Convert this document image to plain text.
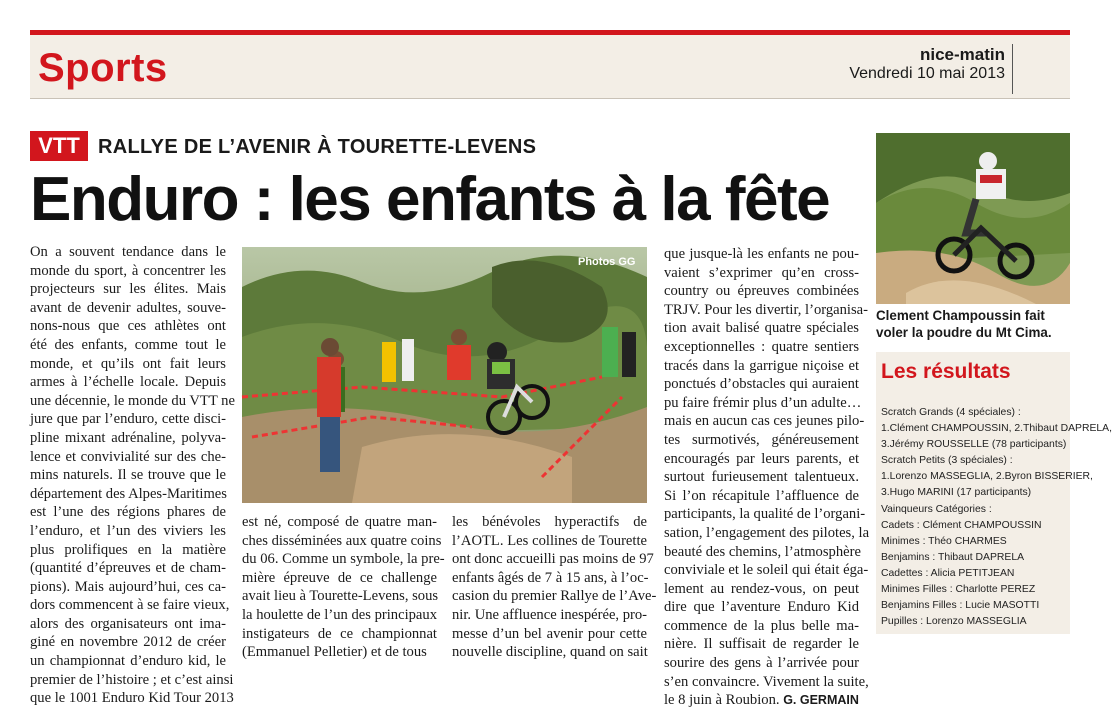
Sports	nice-matin
Vendredi 10 mai 2013
VTT RALLYE DE L’AVENIR À TOURETTE-LEVENS
Enduro : les enfants à la fête
On a souvent tendance dans le
monde du sport, à concentrer les
projecteurs sur les élites. Mais
avant de devenir adultes, souve-
nons-nous que ces athlètes ont
été des enfants, comme tout le
monde, et qu’ils ont fait leurs
armes à l’échelle locale. Depuis
une décennie, le monde du VTT ne
jure que par l’enduro, cette disci-
pline mixant adrénaline, polyva-
lence et convivialité sur des che-
mins naturels. Il se trouve que le
département des Alpes-Maritimes
est l’une des régions phares de
l’enduro, et l’un des viviers les
plus prolifiques en la matière
(quantité d’épreuves et de cham-
pions). Mais aujourd’hui, ces ca-
dors commencent à se faire vieux,
alors des organisateurs ont ima-
giné en novembre 2012 de créer
un championnat d’enduro kid, le
premier de l’histoire ; et c’est ainsi
que le 1001 Enduro Kid Tour 2013
Photos GG
est né, composé de quatre man-
ches disséminées aux quatre coins
du 06. Comme un symbole, la pre-
mière épreuve de ce challenge
avait lieu à Tourette-Levens, sous
la houlette de l’un des principaux
instigateurs de ce championnat
(Emmanuel Pelletier) et de tous
les bénévoles hyperactifs de
l’AOTL. Les collines de Tourette
ont donc accueilli pas moins de 97
enfants âgés de 7 à 15 ans, à l’oc-
casion du premier Rallye de l’Ave-
nir. Une affluence inespérée, pro-
messe d’un bel avenir pour cette
nouvelle discipline, quand on sait
que jusque-là les enfants ne pou-
vaient s’exprimer qu’en cross-
country ou épreuves combinées
TRJV. Pour les divertir, l’organisa-
tion avait balisé quatre spéciales
exceptionnelles : quatre sentiers
tracés dans la garrigue niçoise et
ponctués d’obstacles qui auraient
pu faire frémir plus d’un adulte…
mais en aucun cas ces jeunes pilo-
tes surmotivés, généreusement
encouragés par leurs parents, et
surtout furieusement talentueux.
Si l’on récapitule l’affluence de
participants, la qualité de l’organi-
sation, l’engagement des pilotes, la
beauté des chemins, l’atmosphère
conviviale et le soleil qui était éga-
lement au rendez-vous, on peut
dire que l’aventure Enduro Kid
commence de la plus belle ma-
nière. Il suffisait de regarder le
sourire des gens à l’arrivée pour
s’en convaincre. Vivement la suite,
le 8 juin à Roubion. G. GERMAIN
Clement Champoussin fait voler la poudre du Mt Cima.
Les résultats
Scratch Grands (4 spéciales) :
1.Clément CHAMPOUSSIN, 2.Thibaut DAPRELA,
3.Jérémy ROUSSELLE (78 participants)
Scratch Petits (3 spéciales) :
1.Lorenzo MASSEGLIA, 2.Byron BISSERIER,
3.Hugo MARINI (17 participants)
Vainqueurs Catégories :
Cadets : Clément CHAMPOUSSIN
Minimes : Théo CHARMES
Benjamins : Thibaut DAPRELA
Cadettes : Alicia PETITJEAN
Minimes Filles : Charlotte PEREZ
Benjamins Filles : Lucie MASOTTI
Pupilles : Lorenzo MASSEGLIA
